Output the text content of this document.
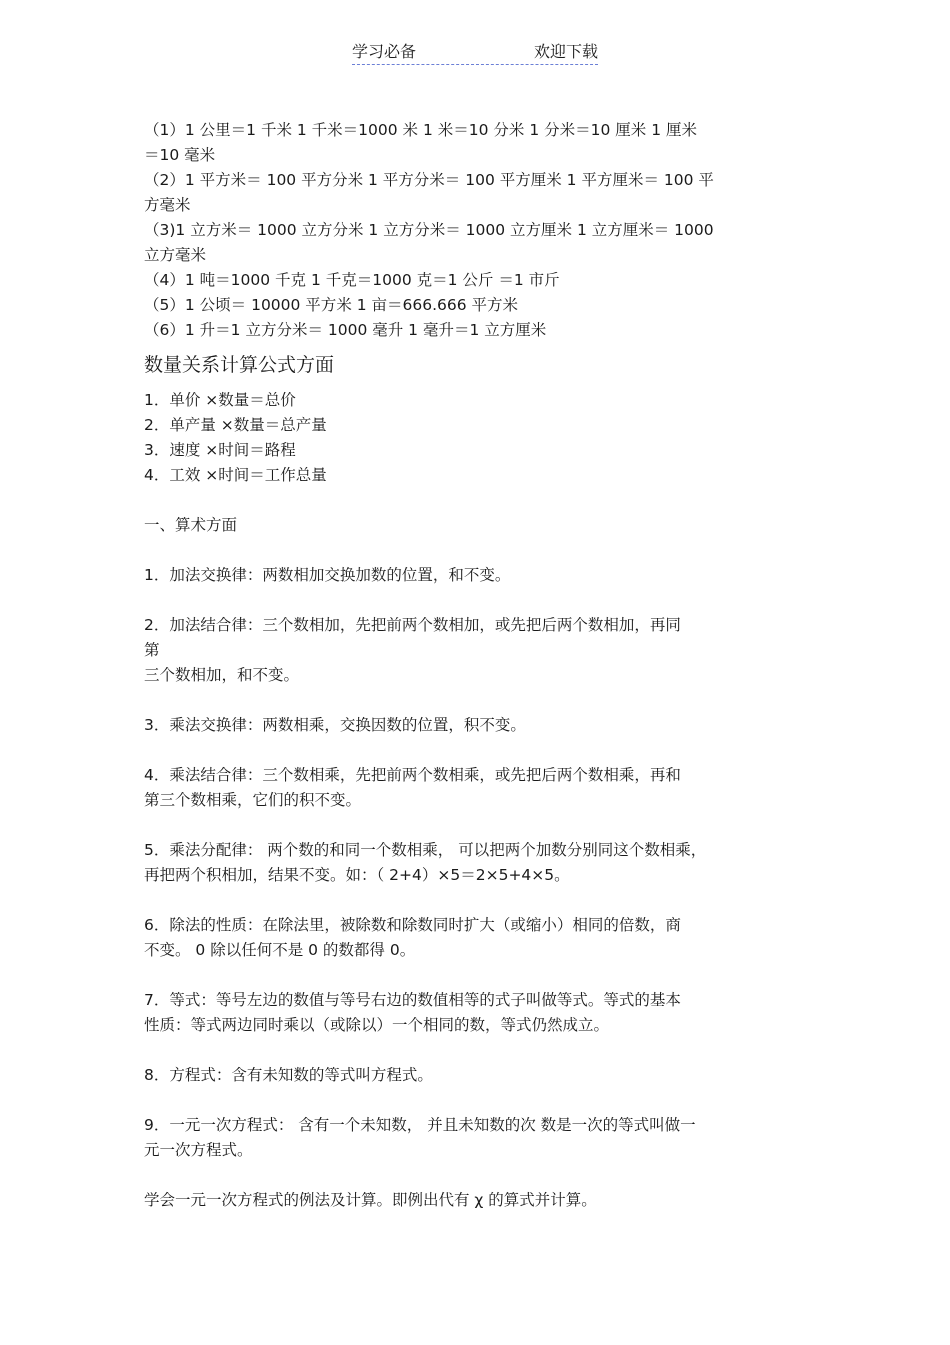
学习必备	欢迎下载
（1）1 公里＝1 千米 1 千米＝1000 米 1 米＝10 分米 1 分米＝10 厘米 1 厘米
＝10 毫米
（2）1 平方米＝ 100 平方分米 1 平方分米＝ 100 平方厘米 1 平方厘米＝ 100 平
方毫米
（3)1 立方米＝ 1000 立方分米 1 立方分米＝ 1000 立方厘米 1 立方厘米＝ 1000
立方毫米
（4）1 吨＝1000 千克 1 千克＝1000 克＝1 公斤 ＝1 市斤
（5）1 公顷＝ 10000 平方米 1 亩＝666.666 平方米
（6）1 升＝1 立方分米＝ 1000 毫升 1 毫升＝1 立方厘米
数量关系计算公式方面
1．单价 ×数量＝总价
2．单产量 ×数量＝总产量
3．速度 ×时间＝路程
4．工效 ×时间＝工作总量
一、算术方面
1．加法交换律：两数相加交换加数的位置，和不变。
2．加法结合律：三个数相加，先把前两个数相加，或先把后两个数相加，再同
第
三个数相加，和不变。
3．乘法交换律：两数相乘，交换因数的位置，积不变。
4．乘法结合律：三个数相乘，先把前两个数相乘，或先把后两个数相乘，再和
第三个数相乘，它们的积不变。
5．乘法分配律： 两个数的和同一个数相乘， 可以把两个加数分别同这个数相乘，
再把两个积相加，结果不变。如：（ 2+4）×5＝2×5+4×5。
6．除法的性质：在除法里，被除数和除数同时扩大（或缩小）相同的倍数，商
不变。 0 除以任何不是 0 的数都得 0。
7．等式：等号左边的数值与等号右边的数值相等的式子叫做等式。等式的基本
性质：等式两边同时乘以（或除以）一个相同的数，等式仍然成立。
8．方程式：含有未知数的等式叫方程式。
9．一元一次方程式： 含有一个未知数， 并且未知数的次 数是一次的等式叫做一
元一次方程式。
学会一元一次方程式的例法及计算。即例出代有 χ 的算式并计算。
